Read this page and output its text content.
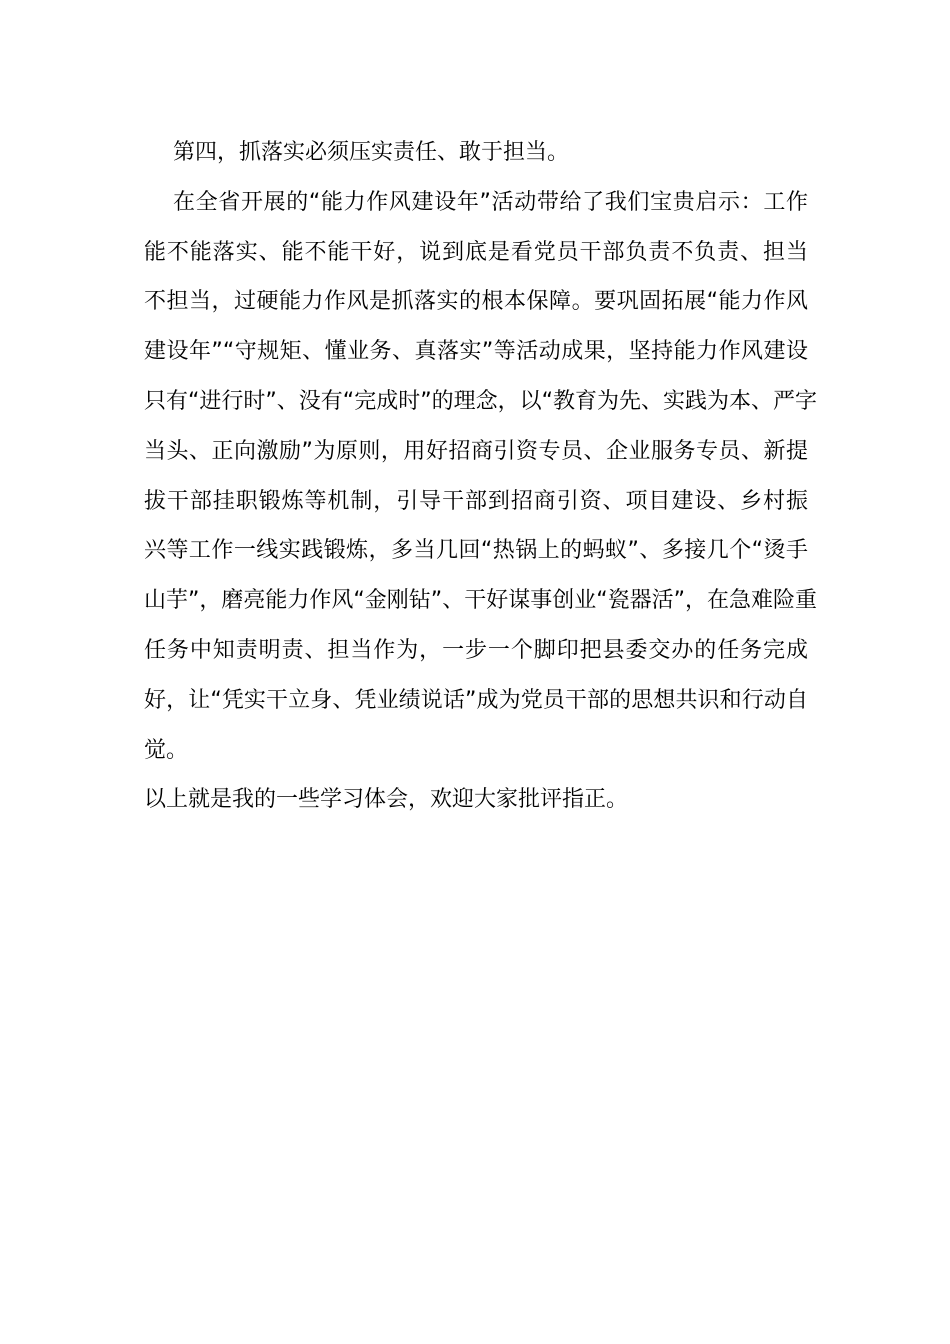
第四，抓落实必须压实责任、敢于担当。
在全省开展的“能力作风建设年”活动带给了我们宝贵启示：工作
能不能落实、能不能干好，说到底是看党员干部负责不负责、担当
不担当，过硬能力作风是抓落实的根本保障。要巩固拓展“能力作风
建设年”“守规矩、懂业务、真落实”等活动成果，坚持能力作风建设
只有“进行时”、没有“完成时”的理念，以“教育为先、实践为本、严字
当头、正向激励”为原则，用好招商引资专员、企业服务专员、新提
拔干部挂职锻炼等机制，引导干部到招商引资、项目建设、乡村振
兴等工作一线实践锻炼，多当几回“热锅上的蚂蚁”、多接几个“烫手
山芋”，磨亮能力作风“金刚钻”、干好谋事创业“瓷器活”，在急难险重
任务中知责明责、担当作为，一步一个脚印把县委交办的任务完成
好，让“凭实干立身、凭业绩说话”成为党员干部的思想共识和行动自
觉。
以上就是我的一些学习体会，欢迎大家批评指正。
